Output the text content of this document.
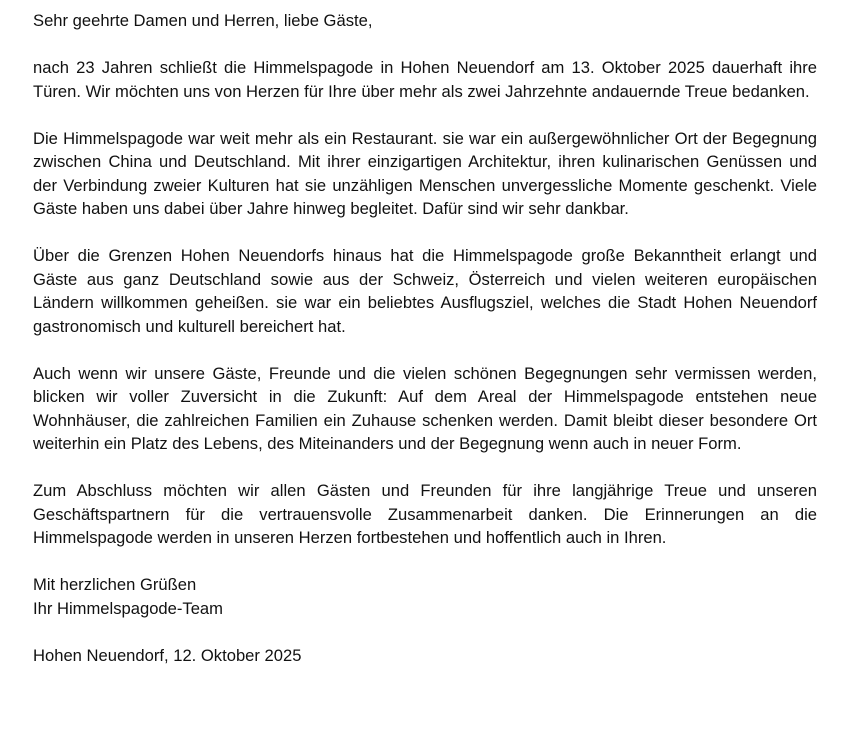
Sehr geehrte Damen und Herren, liebe Gäste,

nach 23 Jahren schließt die Himmelspagode in Hohen Neuendorf am 13. Oktober 2025 dauerhaft ihre Türen. Wir möchten uns von Herzen für Ihre über mehr als zwei Jahrzehnte andauernde Treue bedanken.

Die Himmelspagode war weit mehr als ein Restaurant. sie war ein außergewöhnlicher Ort der Begegnung zwischen China und Deutschland. Mit ihrer einzigartigen Architektur, ihren kulinarischen Genüssen und der Verbindung zweier Kulturen hat sie unzähligen Menschen unvergessliche Momente geschenkt. Viele Gäste haben uns dabei über Jahre hinweg begleitet. Dafür sind wir sehr dankbar.

Über die Grenzen Hohen Neuendorfs hinaus hat die Himmelspagode große Bekanntheit erlangt und Gäste aus ganz Deutschland sowie aus der Schweiz, Österreich und vielen weiteren europäischen Ländern willkommen geheißen. sie war ein beliebtes Ausflugsziel, welches die Stadt Hohen Neuendorf gastronomisch und kulturell bereichert hat.

Auch wenn wir unsere Gäste, Freunde und die vielen schönen Begegnungen sehr vermissen werden, blicken wir voller Zuversicht in die Zukunft: Auf dem Areal der Himmelspagode entstehen neue Wohnhäuser, die zahlreichen Familien ein Zuhause schenken werden. Damit bleibt dieser besondere Ort weiterhin ein Platz des Lebens, des Miteinanders und der Begegnung wenn auch in neuer Form.

Zum Abschluss möchten wir allen Gästen und Freunden für ihre langjährige Treue und unseren Geschäftspartnern für die vertrauensvolle Zusammenarbeit danken. Die Erinnerungen an die Himmelspagode werden in unseren Herzen fortbestehen und hoffentlich auch in Ihren.

Mit herzlichen Grüßen
Ihr Himmelspagode-Team

Hohen Neuendorf, 12. Oktober 2025
